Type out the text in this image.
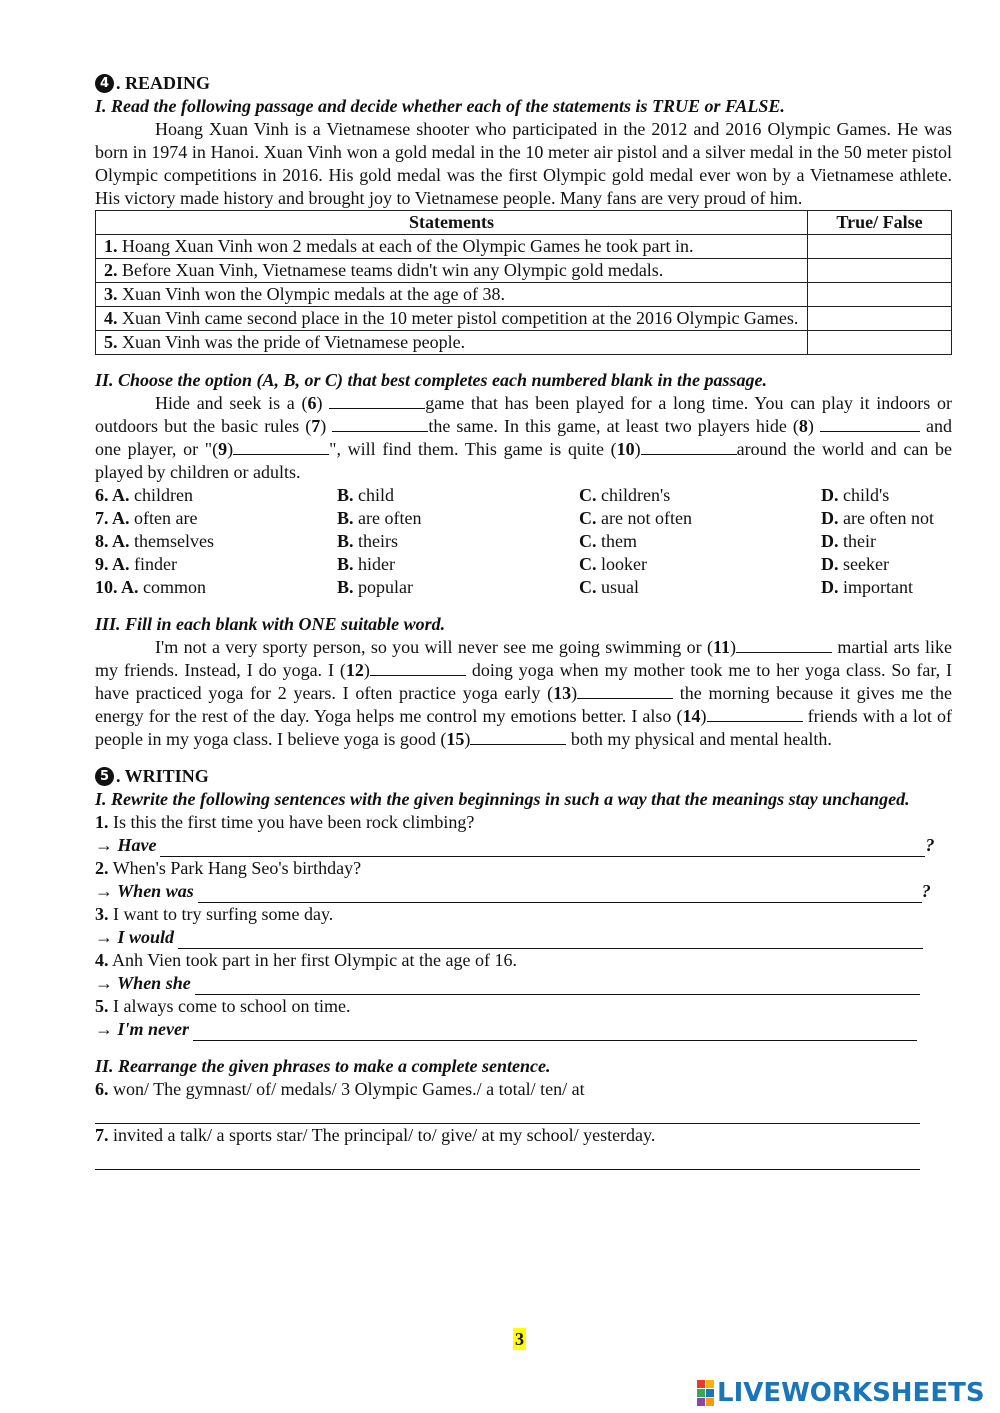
4 . READING
I. Read the following passage and decide whether each of the statements is TRUE or FALSE.
Hoang Xuan Vinh is a Vietnamese shooter who participated in the 2012 and 2016 Olympic Games. He was born in 1974 in Hanoi. Xuan Vinh won a gold medal in the 10 meter air pistol and a silver medal in the 50 meter pistol Olympic competitions in 2016. His gold medal was the first Olympic gold medal ever won by a Vietnamese athlete. His victory made history and brought joy to Vietnamese people. Many fans are very proud of him.
Statements	True/ False
1. Hoang Xuan Vinh won 2 medals at each of the Olympic Games he took part in.	
2. Before Xuan Vinh, Vietnamese teams didn't win any Olympic gold medals.	
3. Xuan Vinh won the Olympic medals at the age of 38.	
4. Xuan Vinh came second place in the 10 meter pistol competition at the 2016 Olympic Games.	
5. Xuan Vinh was the pride of Vietnamese people.	
II. Choose the option (A, B, or C) that best completes each numbered blank in the passage.
Hide and seek is a (6)	game that has been played for a long time. You can play it indoors or outdoors but the basic rules (7)	the same. In this game, at least two players hide (8)	and one player, or "(9)	", will find them. This game is quite (10)	around the world and can be played by children or adults.
6. A. children	B. child	C. children's	D. child's
7. A. often are	B. are often	C. are not often	D. are often not
8. A. themselves	B. theirs	C. them	D. their
9. A. finder	B. hider	C. looker	D. seeker
10. A. common	B. popular	C. usual	D. important
III. Fill in each blank with ONE suitable word.
I'm not a very sporty person, so you will never see me going swimming or (11)	martial arts like my friends. Instead, I do yoga. I (12)	doing yoga when my mother took me to her yoga class. So far, I have practiced yoga for 2 years. I often practice yoga early (13)	the morning because it gives me the energy for the rest of the day. Yoga helps me control my emotions better. I also (14)	friends with a lot of people in my yoga class. I believe yoga is good (15)	both my physical and mental health.
5 . WRITING
I. Rewrite the following sentences with the given beginnings in such a way that the meanings stay unchanged.
1. Is this the first time you have been rock climbing?
→ Have	?
2. When's Park Hang Seo's birthday?
→ When was	?
3. I want to try surfing some day.
→ I would
4. Anh Vien took part in her first Olympic at the age of 16.
→ When she
5. I always come to school on time.
→ I'm never
II. Rearrange the given phrases to make a complete sentence.
6. won/ The gymnast/ of/ medals/ 3 Olympic Games./ a total/ ten/ at
7. invited a talk/ a sports star/ The principal/ to/ give/ at my school/ yesterday.
3
LIVEWORKSHEETS
